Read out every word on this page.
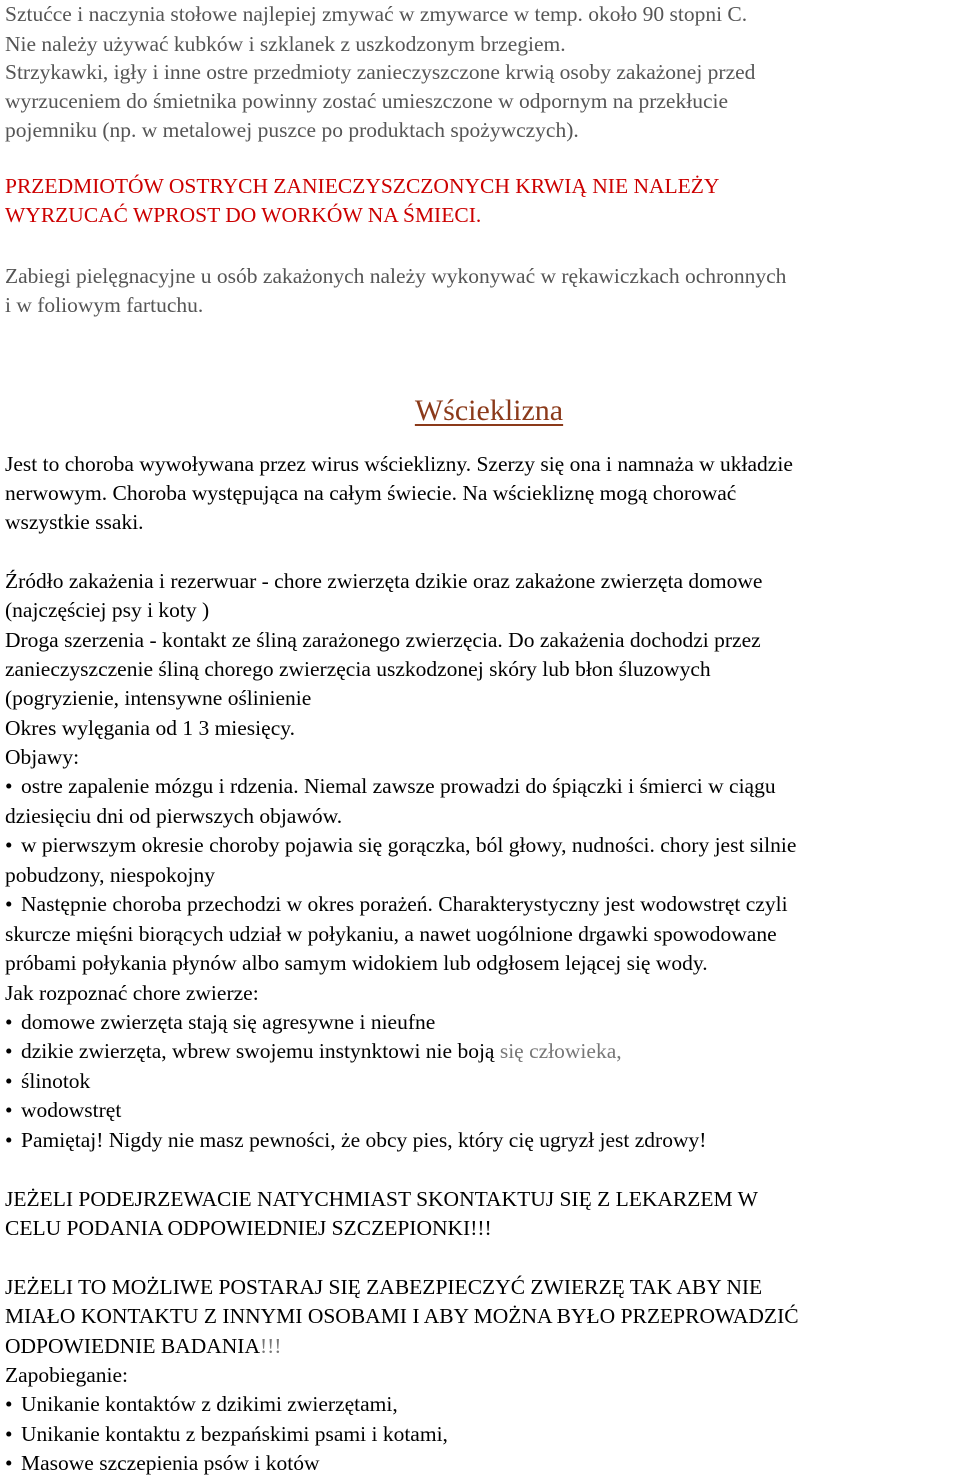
Sztućce i naczynia stołowe najlepiej zmywać w zmywarce w temp. około 90 stopni C.
Nie należy używać kubków i szklanek z uszkodzonym brzegiem.
Strzykawki, igły i inne ostre przedmioty zanieczyszczone krwią osoby zakażonej przed
wyrzuceniem do śmietnika powinny zostać umieszczone w odpornym na przekłucie
pojemniku (np. w metalowej puszce po produktach spożywczych).
PRZEDMIOTÓW OSTRYCH ZANIECZYSZCZONYCH KRWIĄ NIE NALEŻY
WYRZUCAĆ WPROST DO WORKÓW NA ŚMIECI.
Zabiegi pielęgnacyjne u osób zakażonych należy wykonywać w rękawiczkach ochronnych
i w foliowym fartuchu.
Wścieklizna
Jest to choroba wywoływana przez wirus wścieklizny. Szerzy się ona i namnaża w układzie
nerwowym. Choroba występująca na całym świecie. Na wściekliznę mogą chorować
wszystkie ssaki.
Źródło zakażenia i rezerwuar - chore zwierzęta dzikie oraz zakażone zwierzęta domowe
(najczęściej psy i koty )
Droga szerzenia - kontakt ze śliną zarażonego zwierzęcia. Do zakażenia dochodzi przez
zanieczyszczenie śliną chorego zwierzęcia uszkodzonej skóry lub błon śluzowych
(pogryzienie, intensywne oślinienie
Okres wylęgania od 1 3 miesięcy.
Objawy:
• ostre zapalenie mózgu i rdzenia. Niemal zawsze prowadzi do śpiączki i śmierci w ciągu
dziesięciu dni od pierwszych objawów.
• w pierwszym okresie choroby pojawia się gorączka, ból głowy, nudności. chory jest silnie
pobudzony, niespokojny
• Następnie choroba przechodzi w okres porażeń. Charakterystyczny jest wodowstręt czyli
skurcze mięśni biorących udział w połykaniu, a nawet uogólnione drgawki spowodowane
próbami połykania płynów albo samym widokiem lub odgłosem lejącej się wody.
Jak rozpoznać chore zwierze:
• domowe zwierzęta stają się agresywne i nieufne
• dzikie zwierzęta, wbrew swojemu instynktowi nie boją się człowieka,
• ślinotok
• wodowstręt
• Pamiętaj! Nigdy nie masz pewności, że obcy pies, który cię ugryzł jest zdrowy!
JEŻELI PODEJRZEWACIE NATYCHMIAST SKONTAKTUJ SIĘ Z LEKARZEM W
CELU PODANIA ODPOWIEDNIEJ SZCZEPIONKI!!!
JEŻELI TO MOŻLIWE POSTARAJ SIĘ ZABEZPIECZYĆ ZWIERZĘ TAK ABY NIE
MIAŁO KONTAKTU Z INNYMI OSOBAMI I ABY MOŻNA BYŁO PRZEPROWADZIĆ
ODPOWIEDNIE BADANIA!!!
Zapobieganie:
• Unikanie kontaktów z dzikimi zwierzętami,
• Unikanie kontaktu z bezpańskimi psami i kotami,
• Masowe szczepienia psów i kotów
